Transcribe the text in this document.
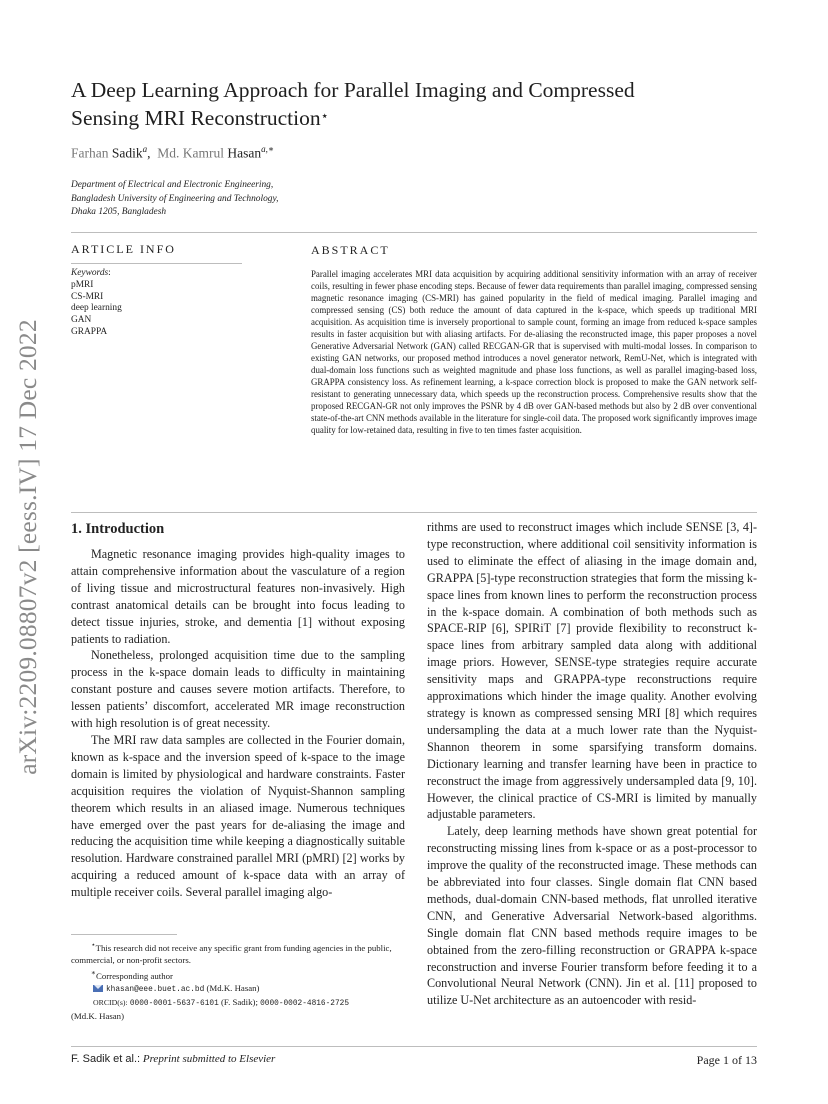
arXiv:2209.08807v2 [eess.IV] 17 Dec 2022
A Deep Learning Approach for Parallel Imaging and Compressed
Sensing MRI Reconstruction⋆
Farhan Sadik$^a$, Md. Kamrul Hasan$^{a,∗}$
Department of Electrical and Electronic Engineering,
Bangladesh University of Engineering and Technology,
Dhaka 1205, Bangladesh
ARTICLE INFO
Keywords:
pMRI
CS-MRI
deep learning
GAN
GRAPPA
ABSTRACT
Parallel imaging accelerates MRI data acquisition by acquiring additional sensitivity information with an array of receiver coils, resulting in fewer phase encoding steps. Because of fewer data requirements than parallel imaging, compressed sensing magnetic resonance imaging (CS-MRI) has gained popularity in the field of medical imaging. Parallel imaging and compressed sensing (CS) both reduce the amount of data captured in the k-space, which speeds up traditional MRI acquisition. As acquisition time is inversely proportional to sample count, forming an image from reduced k-space samples results in faster acquisition but with aliasing artifacts. For de-aliasing the reconstructed image, this paper proposes a novel Generative Adversarial Network (GAN) called RECGAN-GR that is supervised with multi-modal losses. In comparison to existing GAN networks, our proposed method introduces a novel generator network, RemU-Net, which is integrated with dual-domain loss functions such as weighted magnitude and phase loss functions, as well as parallel imaging-based loss, GRAPPA consistency loss. As refinement learning, a k-space correction block is proposed to make the GAN network self-resistant to generating unnecessary data, which speeds up the reconstruction process. Comprehensive results show that the proposed RECGAN-GR not only improves the PSNR by 4 dB over GAN-based methods but also by 2 dB over conventional state-of-the-art CNN methods available in the literature for single-coil data. The proposed work significantly improves image quality for low-retained data, resulting in five to ten times faster acquisition.
1. Introduction

Magnetic resonance imaging provides high-quality images to attain comprehensive information about the vasculature of a region of living tissue and microstructural features non-invasively. High contrast anatomical details can be brought into focus leading to detect tissue injuries, stroke, and dementia [1] without exposing patients to radiation.

Nonetheless, prolonged acquisition time due to the sampling process in the k-space domain leads to difficulty in maintaining constant posture and causes severe motion artifacts. Therefore, to lessen patients’ discomfort, accelerated MR image reconstruction with high resolution is of great necessity.

The MRI raw data samples are collected in the Fourier domain, known as k-space and the inversion speed of k-space to the image domain is limited by physiological and hardware constraints. Faster acquisition requires the violation of Nyquist-Shannon sampling theorem which results in an aliased image. Numerous techniques have emerged over the past years for de-aliasing the image and reducing the acquisition time while keeping a diagnostically suitable resolution. Hardware constrained parallel MRI (pMRI) [2] works by acquiring a reduced amount of k-space data with an array of multiple receiver coils. Several parallel imaging algo-

rithms are used to reconstruct images which include SENSE [3, 4]-type reconstruction, where additional coil sensitivity information is used to eliminate the effect of aliasing in the image domain and, GRAPPA [5]-type reconstruction strategies that form the missing k-space lines from known lines to perform the reconstruction process in the k-space domain. A combination of both methods such as SPACE-RIP [6], SPIRiT [7] provide flexibility to reconstruct k-space lines from arbitrary sampled data along with additional image priors. However, SENSE-type strategies require accurate sensitivity maps and GRAPPA-type reconstructions require approximations which hinder the image quality. Another evolving strategy is known as compressed sensing MRI [8] which requires undersampling the data at a much lower rate than the Nyquist-Shannon theorem in some sparsifying transform domains. Dictionary learning and transfer learning have been in practice to reconstruct the image from aggressively undersampled data [9, 10]. However, the clinical practice of CS-MRI is limited by manually adjustable parameters.

Lately, deep learning methods have shown great potential for reconstructing missing lines from k-space or as a post-processor to improve the quality of the reconstructed image. These methods can be abbreviated into four classes. Single domain flat CNN based methods, dual-domain CNN-based methods, flat unrolled iterative CNN, and Generative Adversarial Network-based algorithms. Single domain flat CNN based methods require images to be obtained from the zero-filling reconstruction or GRAPPA k-space reconstruction and inverse Fourier transform before feeding it to a Convolutional Neural Network (CNN). Jin et al. [11] proposed to utilize U-Net architecture as an autoencoder with resid-

⋆This research did not receive any specific grant from funding agencies in the public, commercial, or non-profit sectors.
∗Corresponding author
khasan@eee.buet.ac.bd (Md.K. Hasan)
ORCID(s): 0000-0001-5637-6101 (F. Sadik); 0000-0002-4816-2725
(Md.K. Hasan)
F. Sadik et al.: Preprint submitted to Elsevier	Page 1 of 13
